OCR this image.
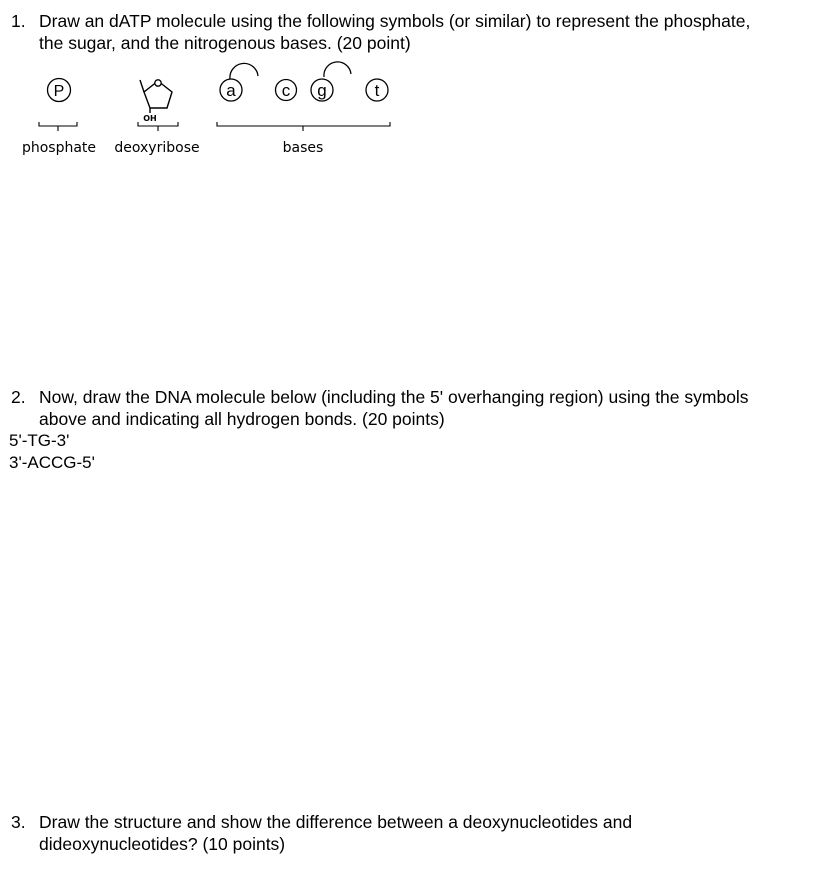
1. Draw an dATP molecule using the following symbols (or similar) to represent the phosphate, the sugar, and the nitrogenous bases. (20 point)
P
OH
a	c g	t
phosphate deoxyribose	bases
2. Now, draw the DNA molecule below (including the 5' overhanging region) using the symbols above and indicating all hydrogen bonds. (20 points)
5'-TG-3'
3'-ACCG-5'
3. Draw the structure and show the difference between a deoxynucleotides and dideoxynucleotides? (10 points)
